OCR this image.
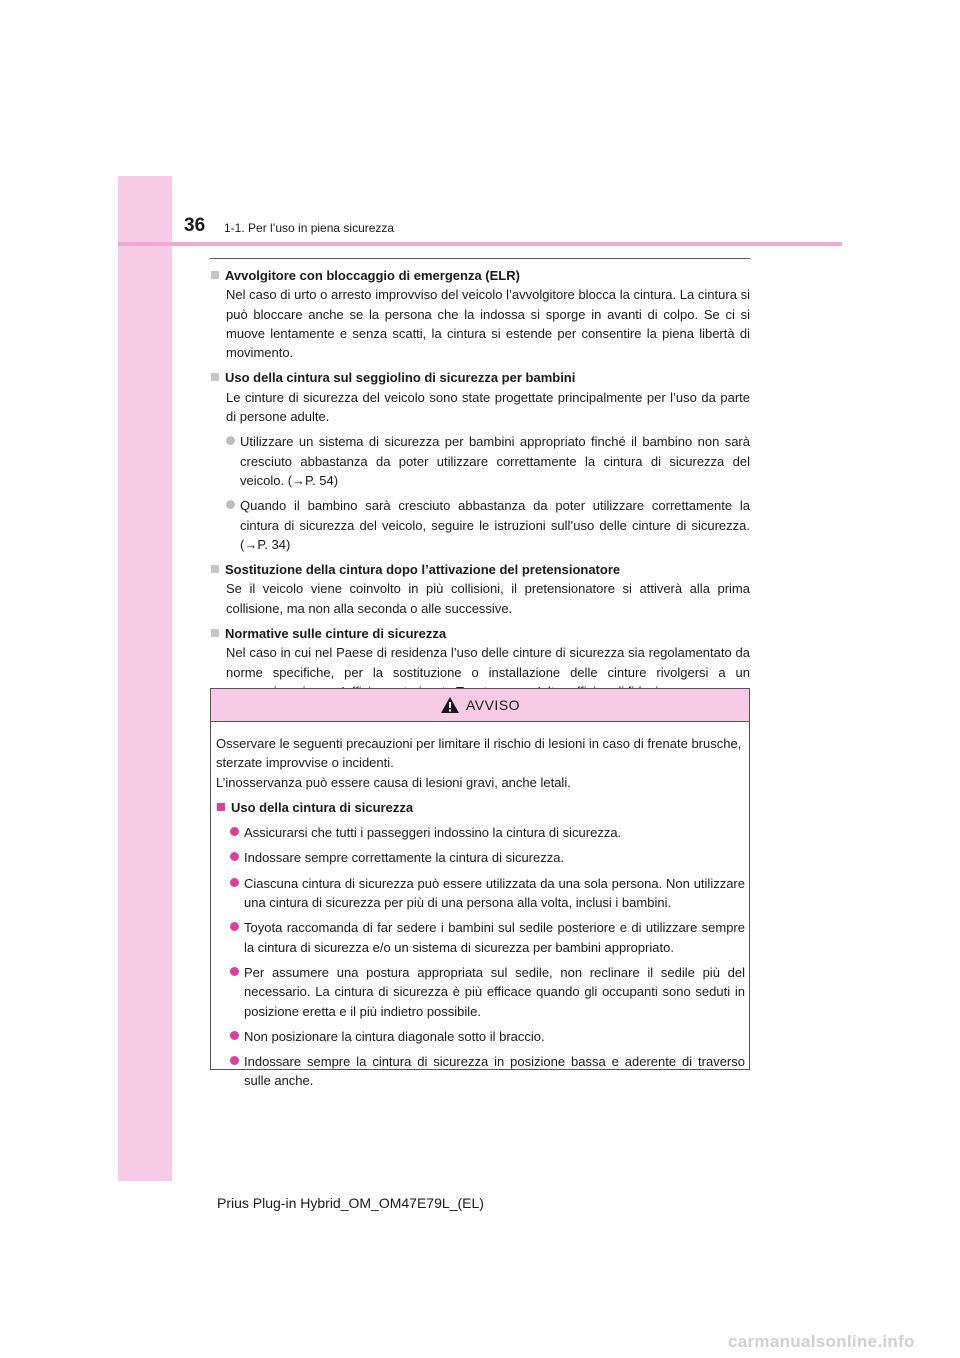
36 1-1. Per l’uso in piena sicurezza
Avvolgitore con bloccaggio di emergenza (ELR)
Nel caso di urto o arresto improvviso del veicolo l’avvolgitore blocca la cintura. La cintura si può bloccare anche se la persona che la indossa si sporge in avanti di colpo. Se ci si muove lentamente e senza scatti, la cintura si estende per consentire la piena libertà di movimento.
Uso della cintura sul seggiolino di sicurezza per bambini
Le cinture di sicurezza del veicolo sono state progettate principalmente per l’uso da parte di persone adulte.
Utilizzare un sistema di sicurezza per bambini appropriato finché il bambino non sarà cresciuto abbastanza da poter utilizzare correttamente la cintura di sicurezza del veicolo. (→P. 54)
Quando il bambino sarà cresciuto abbastanza da poter utilizzare correttamente la cintura di sicurezza del veicolo, seguire le istruzioni sull’uso delle cinture di sicurezza. (→P. 34)
Sostituzione della cintura dopo l’attivazione del pretensionatore
Se il veicolo viene coinvolto in più collisioni, il pretensionatore si attiverà alla prima collisione, ma non alla seconda o alle successive.
Normative sulle cinture di sicurezza
Nel caso in cui nel Paese di residenza l’uso delle cinture di sicurezza sia regolamentato da norme specifiche, per la sostituzione o installazione delle cinture rivolgersi a un
AVVISO
Osservare le seguenti precauzioni per limitare il rischio di lesioni in caso di frenate brusche, sterzate improvvise o incidenti.
L’inosservanza può essere causa di lesioni gravi, anche letali.
Uso della cintura di sicurezza
Assicurarsi che tutti i passeggeri indossino la cintura di sicurezza.
Indossare sempre correttamente la cintura di sicurezza.
Ciascuna cintura di sicurezza può essere utilizzata da una sola persona. Non utilizzare una cintura di sicurezza per più di una persona alla volta, inclusi i bambini.
Toyota raccomanda di far sedere i bambini sul sedile posteriore e di utilizzare sempre la cintura di sicurezza e/o un sistema di sicurezza per bambini appropriato.
Per assumere una postura appropriata sul sedile, non reclinare il sedile più del necessario. La cintura di sicurezza è più efficace quando gli occupanti sono seduti in posizione eretta e il più indietro possibile.
Non posizionare la cintura diagonale sotto il braccio.
Indossare sempre la cintura di sicurezza in posizione bassa e aderente di traverso sulle anche.
Prius Plug-in Hybrid_OM_OM47E79L_(EL)
carmanualsonline.info
